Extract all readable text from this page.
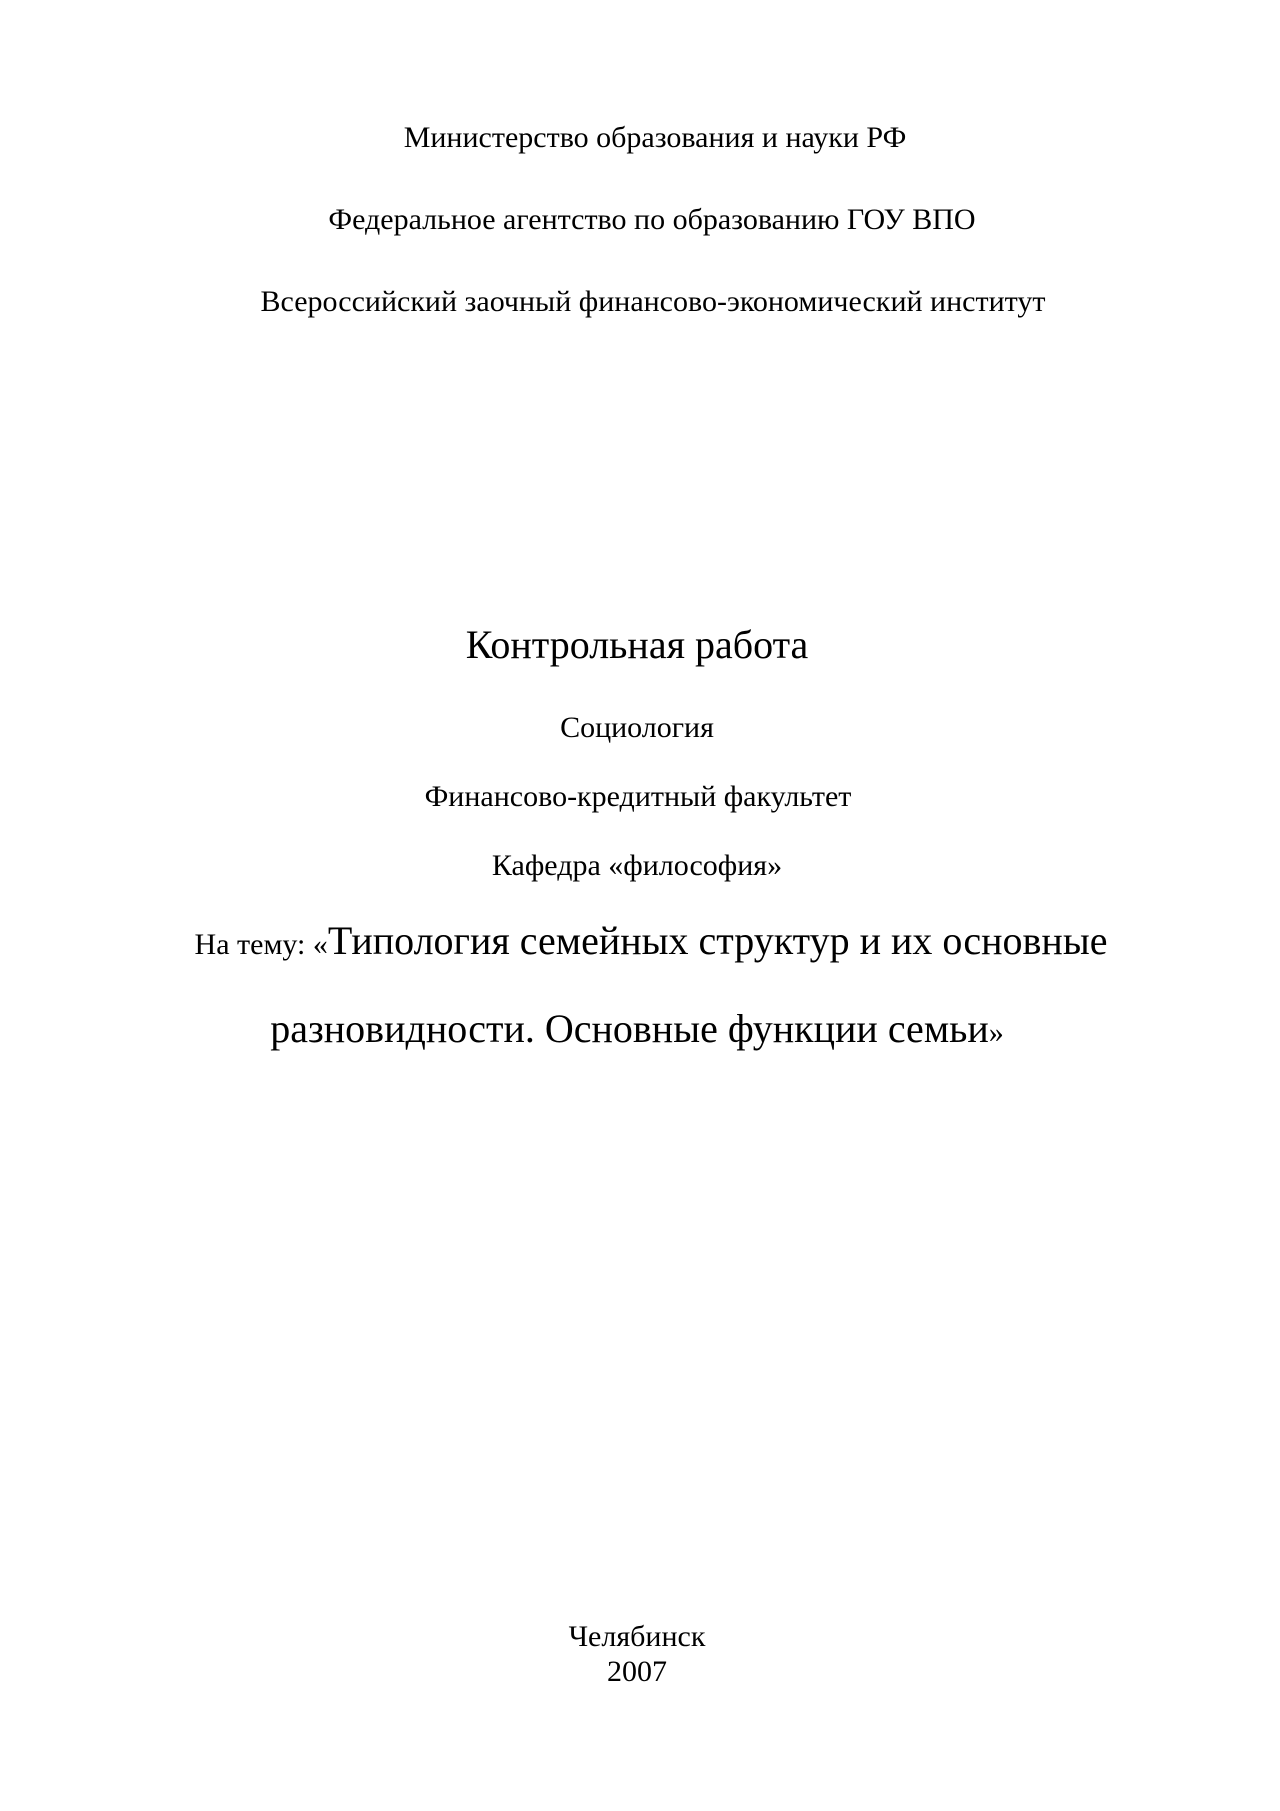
Министерство образования и науки РФ
Федеральное агентство по образованию ГОУ ВПО
Всероссийский заочный финансово-экономический институт
Контрольная работа
Социология
Финансово-кредитный факультет
Кафедра «философия»
На тему: «Типология семейных структур и их основные
разновидности. Основные функции семьи»
Челябинск
2007
